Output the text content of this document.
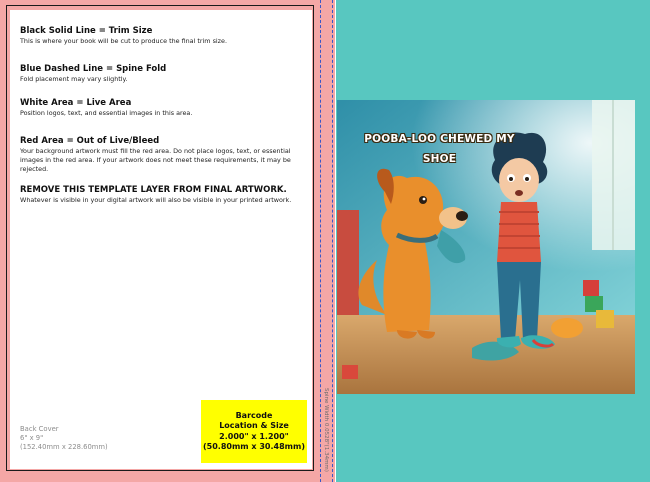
Black Solid Line = Trim Size

This is where your book will be cut to produce the final trim size.

Blue Dashed Line = Spine Fold

Fold placement may vary slightly.

White Area = Live Area

Position logos, text, and essential images in this area.

Red Area = Out of Live/Bleed

Your background artwork must fill the red area. Do not place logos, text, or essential

images in the red area. If your artwork does not meet these requirements, it may be

rejected.

REMOVE THIS TEMPLATE LAYER FROM FINAL ARTWORK.

Whatever is visible in your digital artwork will also be visible in your printed artwork.

Back Cover
6" x 9"
(152.40mm x 228.60mm)
Barcode
Location & Size
2.000" x 1.200"
(50.80mm x 30.48mm)	Spine Width 0.0528"(1.34mm)
POOBA-LOO CHEWED MY
SHOE
